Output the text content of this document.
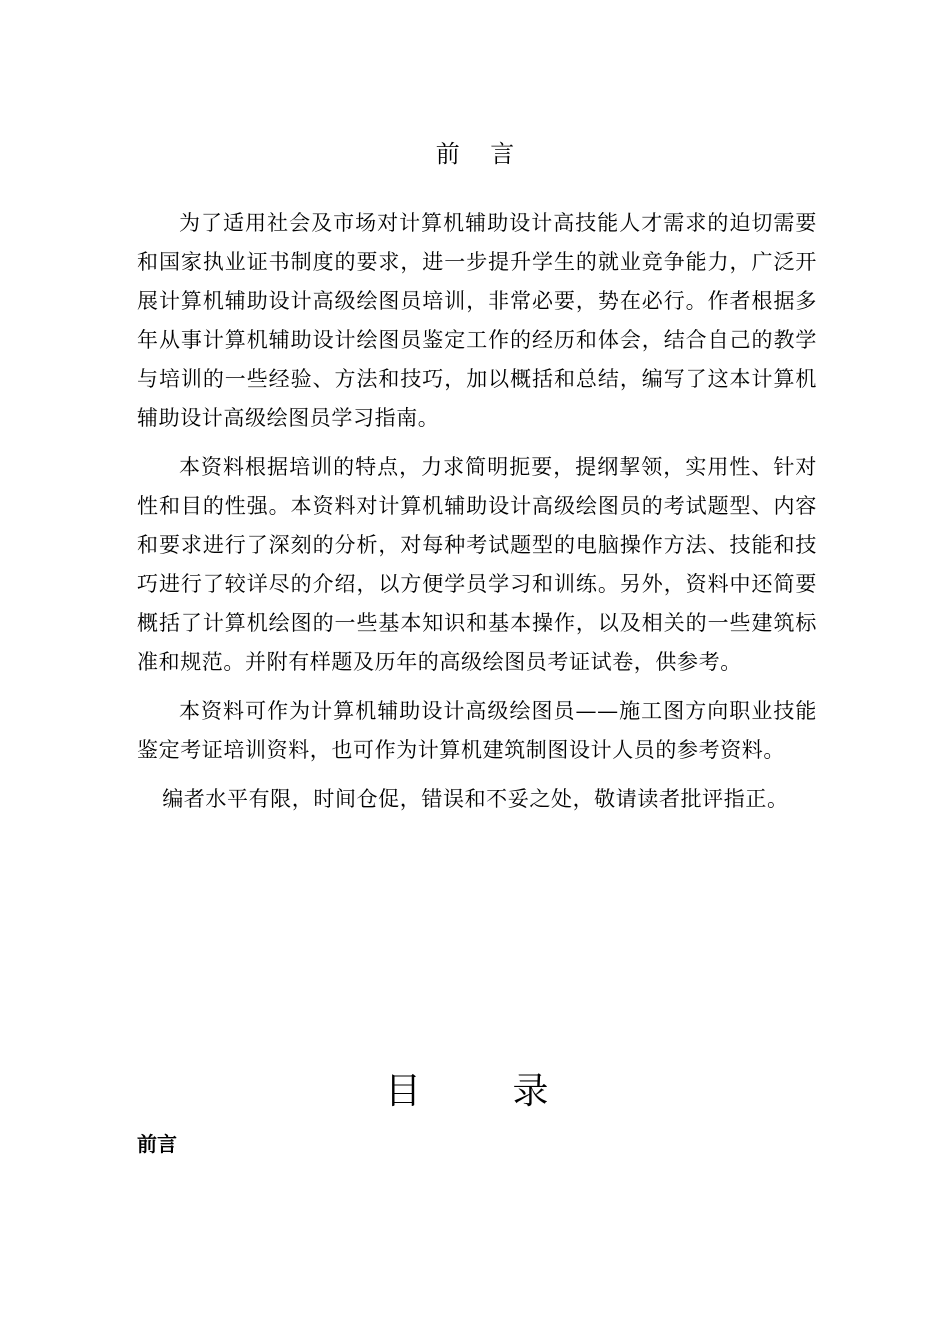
前    言

为了适用社会及市场对计算机辅助设计高技能人才需求的迫切需要和国家执业证书制度的要求，进一步提升学生的就业竞争能力，广泛开展计算机辅助设计高级绘图员培训，非常必要，势在必行。作者根据多年从事计算机辅助设计绘图员鉴定工作的经历和体会，结合自己的教学与培训的一些经验、方法和技巧，加以概括和总结，编写了这本计算机辅助设计高级绘图员学习指南。

本资料根据培训的特点，力求简明扼要，提纲挈领，实用性、针对性和目的性强。本资料对计算机辅助设计高级绘图员的考试题型、内容和要求进行了深刻的分析，对每种考试题型的电脑操作方法、技能和技巧进行了较详尽的介绍，以方便学员学习和训练。另外，资料中还简要概括了计算机绘图的一些基本知识和基本操作，以及相关的一些建筑标准和规范。并附有样题及历年的高级绘图员考证试卷，供参考。

本资料可作为计算机辅助设计高级绘图员——施工图方向职业技能鉴定考证培训资料，也可作为计算机建筑制图设计人员的参考资料。

编者水平有限，时间仓促，错误和不妥之处，敬请读者批评指正。

目        录
前言
